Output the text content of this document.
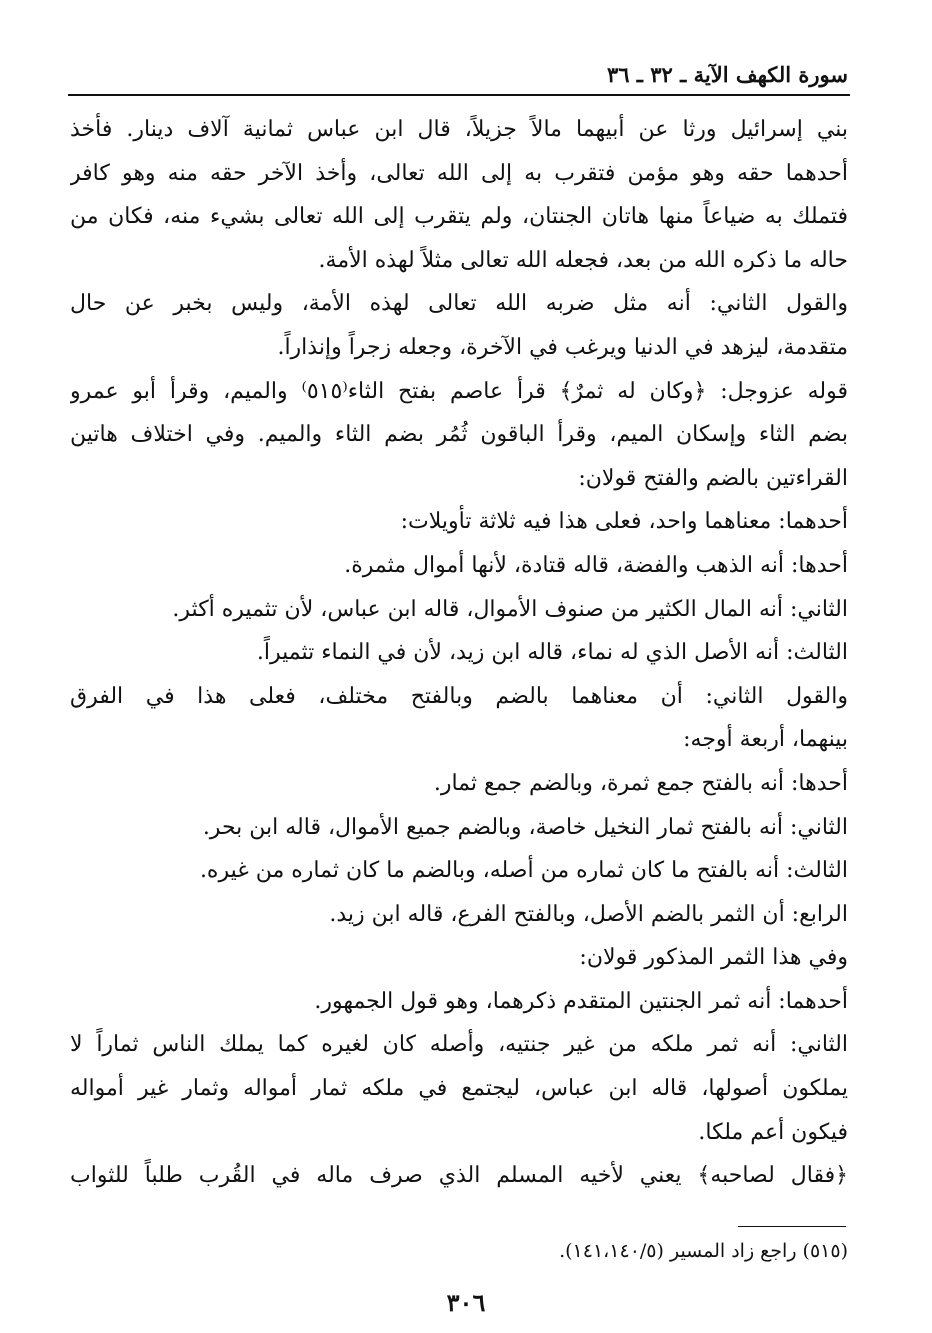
سورة الكهف الآية ـ ٣٢ ـ ٣٦
بني إسرائيل ورثا عن أبيهما مالاً جزيلاً، قال ابن عباس ثمانية آلاف دينار. فأخذ
أحدهما حقه وهو مؤمن فتقرب به إلى الله تعالى، وأخذ الآخر حقه منه وهو كافر
فتملك به ضياعاً منها هاتان الجنتان، ولم يتقرب إلى الله تعالى بشيء منه، فكان من
حاله ما ذكره الله من بعد، فجعله الله تعالى مثلاً لهذه الأمة.
والقول الثاني: أنه مثل ضربه الله تعالى لهذه الأمة، وليس بخبر عن حال
متقدمة، ليزهد في الدنيا ويرغب في الآخرة، وجعله زجراً وإنذاراً.
قوله عزوجل: ﴿وكان له ثمرٌ﴾ قرأ عاصم بفتح الثاء⁽٥١٥⁾ والميم، وقرأ أبو عمرو
بضم الثاء وإسكان الميم، وقرأ الباقون ثُمُر بضم الثاء والميم. وفي اختلاف هاتين
القراءتين بالضم والفتح قولان:
أحدهما: معناهما واحد، فعلى هذا فيه ثلاثة تأويلات:
أحدها: أنه الذهب والفضة، قاله قتادة، لأنها أموال مثمرة.
الثاني: أنه المال الكثير من صنوف الأموال، قاله ابن عباس، لأن تثميره أكثر.
الثالث: أنه الأصل الذي له نماء، قاله ابن زيد، لأن في النماء تثميراً.
والقول الثاني: أن معناهما بالضم وبالفتح مختلف، فعلى هذا في الفرق
بينهما، أربعة أوجه:
أحدها: أنه بالفتح جمع ثمرة، وبالضم جمع ثمار.
الثاني: أنه بالفتح ثمار النخيل خاصة، وبالضم جميع الأموال، قاله ابن بحر.
الثالث: أنه بالفتح ما كان ثماره من أصله، وبالضم ما كان ثماره من غيره.
الرابع: أن الثمر بالضم الأصل، وبالفتح الفرع، قاله ابن زيد.
وفي هذا الثمر المذكور قولان:
أحدهما: أنه ثمر الجنتين المتقدم ذكرهما، وهو قول الجمهور.
الثاني: أنه ثمر ملكه من غير جنتيه، وأصله كان لغيره كما يملك الناس ثماراً لا
يملكون أصولها، قاله ابن عباس، ليجتمع في ملكه ثمار أمواله وثمار غير أمواله
فيكون أعم ملكا.
﴿فقال لصاحبه﴾ يعني لأخيه المسلم الذي صرف ماله في القُرب طلباً للثواب
(٥١٥) راجع زاد المسير (١٤١،١٤٠/٥).
٣٠٦
